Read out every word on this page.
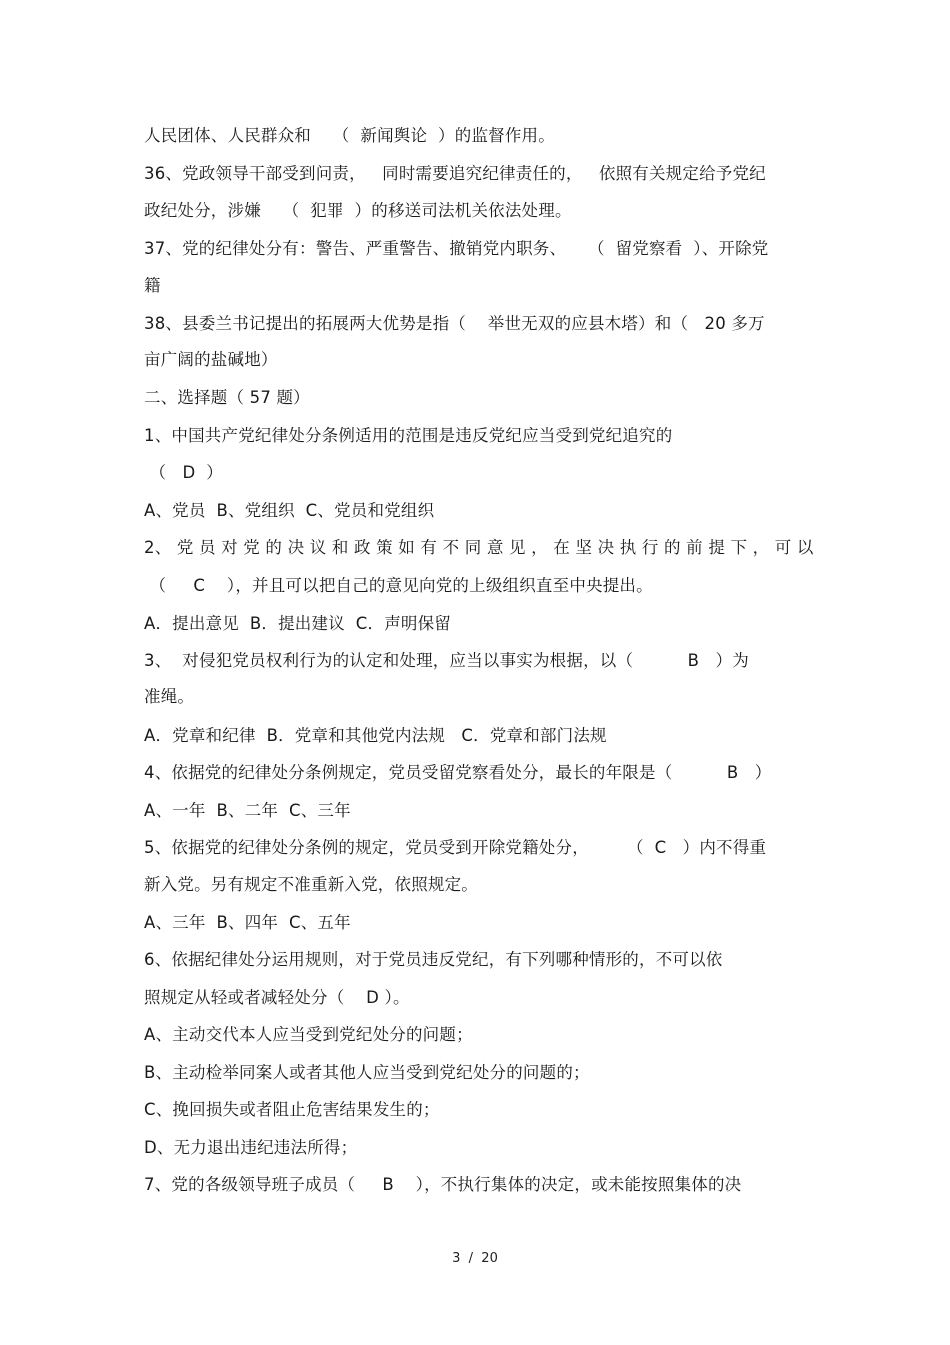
人民团体、人民群众和    （  新闻舆论  ）的监督作用。
36、党政领导干部受到问责，   同时需要追究纪律责任的，   依照有关规定给予党纪
政纪处分，涉嫌    （  犯罪  ）的移送司法机关依法处理。
37、党的纪律处分有：警告、严重警告、撤销党内职务、    （  留党察看  ）、开除党
籍
38、县委兰书记提出的拓展两大优势是指（    举世无双的应县木塔）和（   20 多万
亩广阔的盐碱地）
二、选择题（ 57 题）
1、中国共产党纪律处分条例适用的范围是违反党纪应当受到党纪追究的
（   D  ）
A、党员  B、党组织  C、党员和党组织
2、 党 员 对 党 的 决 议 和 政 策 如 有 不 同 意 见 ， 在 坚 决 执 行 的 前 提 下 ， 可 以
（     C    ），并且可以把自己的意见向党的上级组织直至中央提出。
A．提出意见  B．提出建议  C．声明保留
3、  对侵犯党员权利行为的认定和处理，应当以事实为根据，以（          B   ）为
准绳。
A．党章和纪律  B．党章和其他党内法规   C．党章和部门法规
4、依据党的纪律处分条例规定，党员受留党察看处分，最长的年限是（          B   ）
A、一年  B、二年  C、三年
5、依据党的纪律处分条例的规定，党员受到开除党籍处分，       （  C   ）内不得重
新入党。另有规定不准重新入党，依照规定。
A、三年  B、四年  C、五年
6、依据纪律处分运用规则，对于党员违反党纪，有下列哪种情形的，不可以依
照规定从轻或者减轻处分（    D ）。
A、主动交代本人应当受到党纪处分的问题；
B、主动检举同案人或者其他人应当受到党纪处分的问题的；
C、挽回损失或者阻止危害结果发生的；
D、无力退出违纪违法所得；
7、党的各级领导班子成员（     B    ），不执行集体的决定，或未能按照集体的决
3  /  20
